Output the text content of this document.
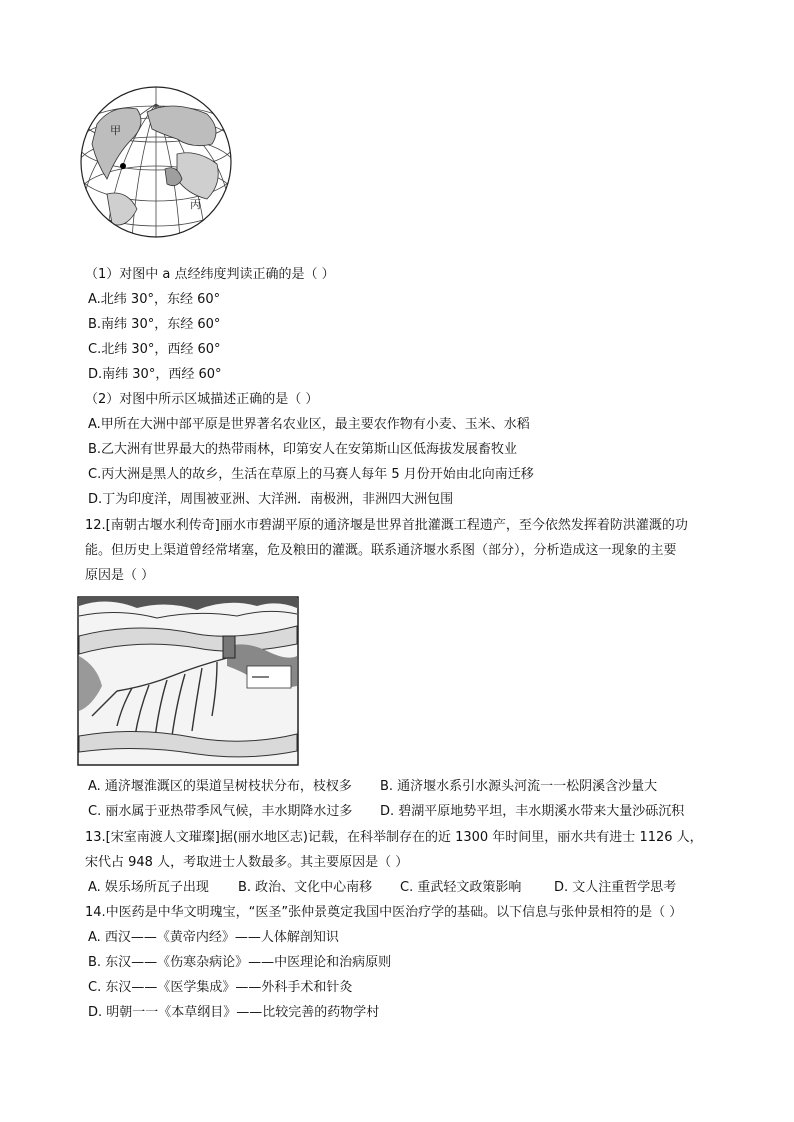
甲
丙
（1）对图中 a 点经纬度判读正确的是（ ）
A.北纬 30°，东经 60°
B.南纬 30°，东经 60°
C.北纬 30°，西经 60°
D.南纬 30°，西经 60°
（2）对图中所示区城描述正确的是（ ）
A.甲所在大洲中部平原是世界著名农业区，最主要农作物有小麦、玉米、水稻
B.乙大洲有世界最大的热带雨林，印第安人在安第斯山区低海拔发展畜牧业
C.丙大洲是黑人的故乡，生活在草原上的马赛人每年 5 月份开始由北向南迁移
D.丁为印度洋，周围被亚洲、大洋洲．南极洲，非洲四大洲包围
12.[南朝古堰水利传奇]丽水市碧湖平原的通济堰是世界首批灌溉工程遗产，至今依然发挥着防洪灌溉的功
能。但历史上渠道曾经常堵塞，危及粮田的灌溉。联系通济堰水系图（部分），分析造成这一现象的主要
原因是（ ）
A. 通济堰淮溉区的渠道呈树枝状分布，枝杈多	B. 通济堰水系引水源头河流一一松阴溪含沙量大
C. 丽水属于亚热带季风气候，丰水期降水过多	D. 碧湖平原地势平坦，丰水期溪水带来大量沙砾沉积
13.[宋室南渡人文璀璨]据(丽水地区志)记载，在科举制存在的近 1300 年时间里，丽水共有进士 1126 人，
宋代占 948 人，考取进士人数最多。其主要原因是（ ）
A. 娱乐场所瓦子出现	B. 政治、文化中心南移	C. 重武轻文政策影响	D. 文人注重哲学思考
14.中医药是中华文明瑰宝，“医圣”张仲景奠定我国中医治疗学的基础。以下信息与张仲景相符的是（ ）
A. 西汉——《黄帝内经》——人体解剖知识
B. 东汉——《伤寒杂病论》——中医理论和治病原则
C. 东汉——《医学集成》——外科手术和针灸
D. 明朝一一《本草纲目》——比较完善的药物学村
